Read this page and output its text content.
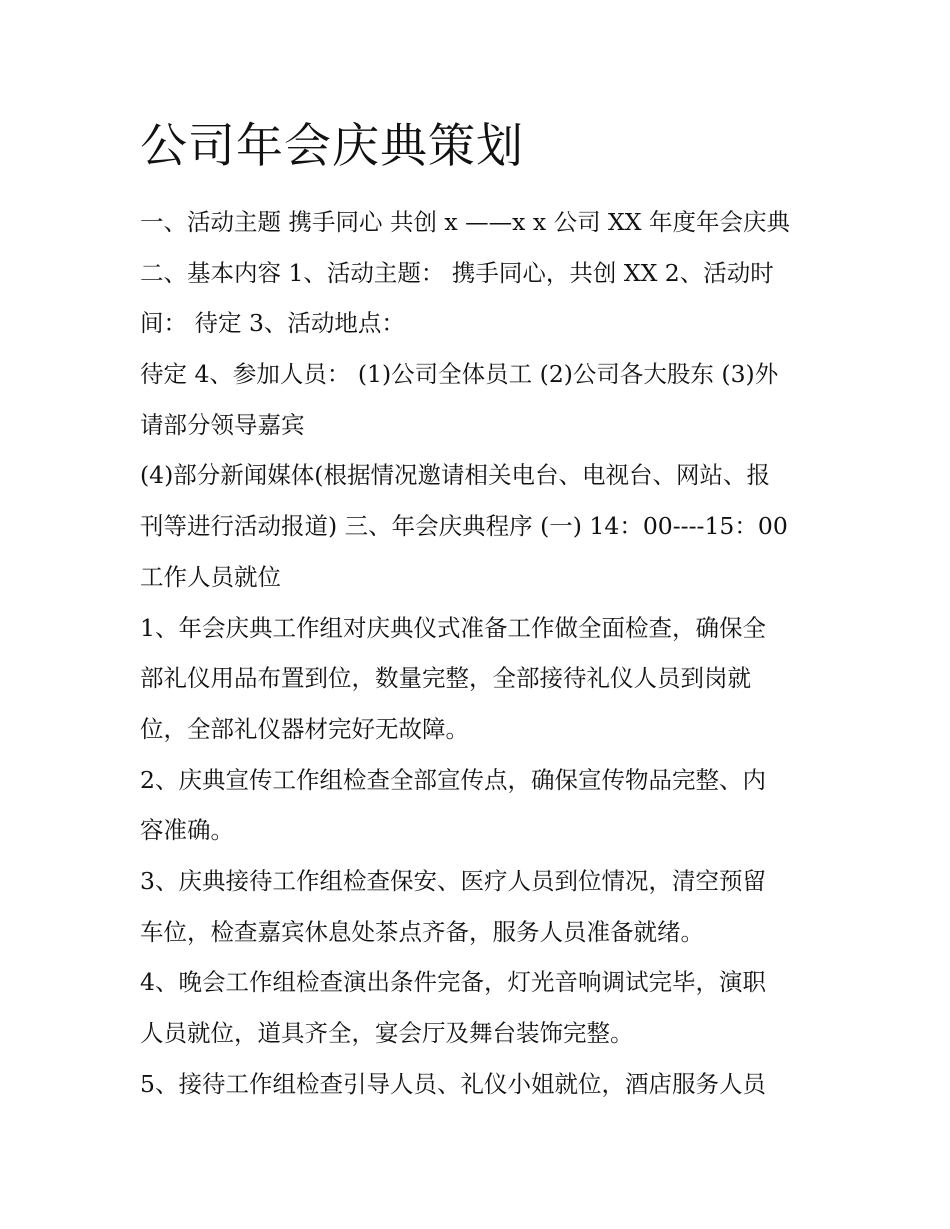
公司年会庆典策划
一、活动主题 携手同心 共创 x ——x x 公司 XX 年度年会庆典
二、基本内容 1、活动主题： 携手同心，共创 XX 2、活动时
间： 待定 3、活动地点：
待定 4、参加人员： (1)公司全体员工 (2)公司各大股东 (3)外
请部分领导嘉宾
(4)部分新闻媒体(根据情况邀请相关电台、电视台、网站、报
刊等进行活动报道) 三、年会庆典程序 (一) 14：00----15：00
工作人员就位
1、年会庆典工作组对庆典仪式准备工作做全面检查，确保全
部礼仪用品布置到位，数量完整，全部接待礼仪人员到岗就
位，全部礼仪器材完好无故障。
2、庆典宣传工作组检查全部宣传点，确保宣传物品完整、内
容准确。
3、庆典接待工作组检查保安、医疗人员到位情况，清空预留
车位，检查嘉宾休息处茶点齐备，服务人员准备就绪。
4、晚会工作组检查演出条件完备，灯光音响调试完毕，演职
人员就位，道具齐全，宴会厅及舞台装饰完整。
5、接待工作组检查引导人员、礼仪小姐就位，酒店服务人员
